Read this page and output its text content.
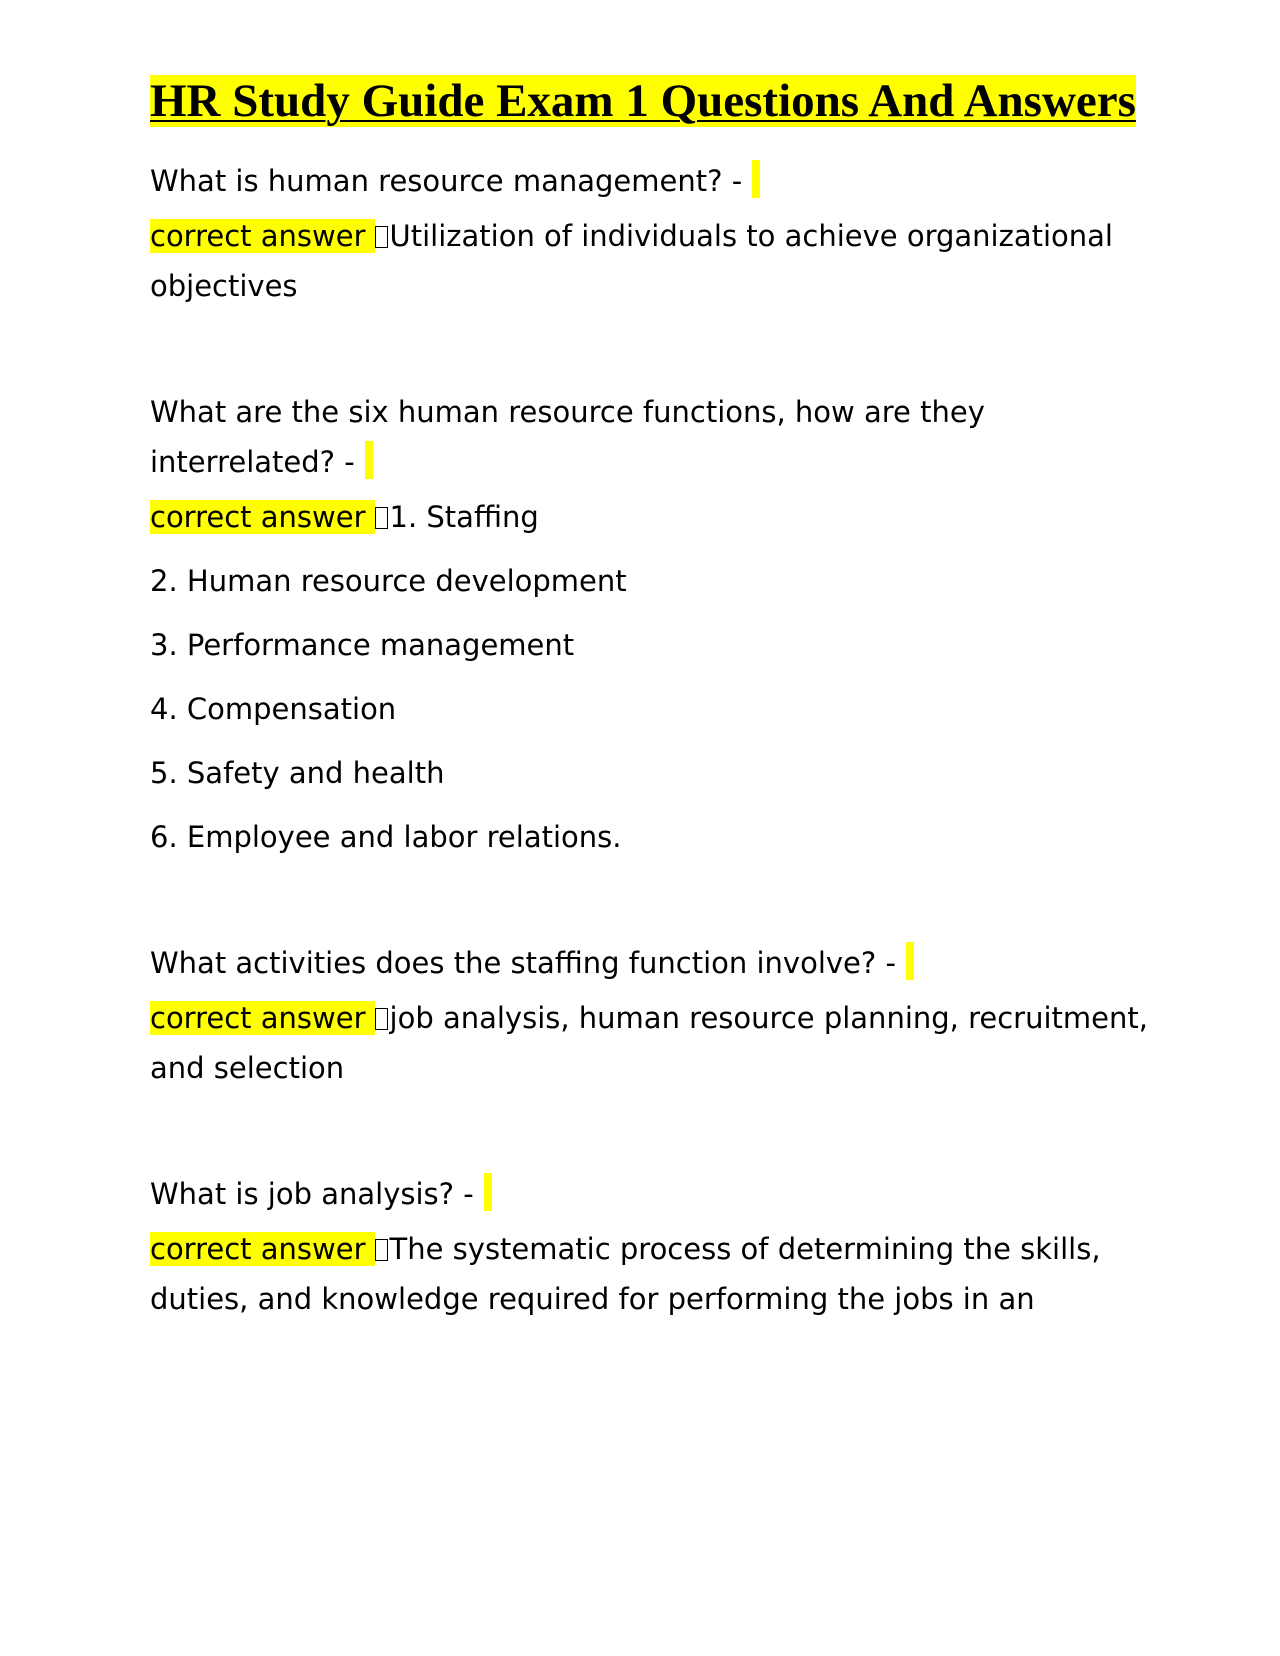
HR Study Guide Exam 1 Questions And Answers

What is human resource management? -

correct answer Utilization of individuals to achieve organizational objectives

What are the six human resource functions, how are they interrelated? -

correct answer 1. Staffing

2. Human resource development

3. Performance management

4. Compensation

5. Safety and health

6. Employee and labor relations.

What activities does the staffing function involve? -

correct answer job analysis, human resource planning, recruitment, and selection

What is job analysis? -

correct answer The systematic process of determining the skills, duties, and knowledge required for performing the jobs in an
